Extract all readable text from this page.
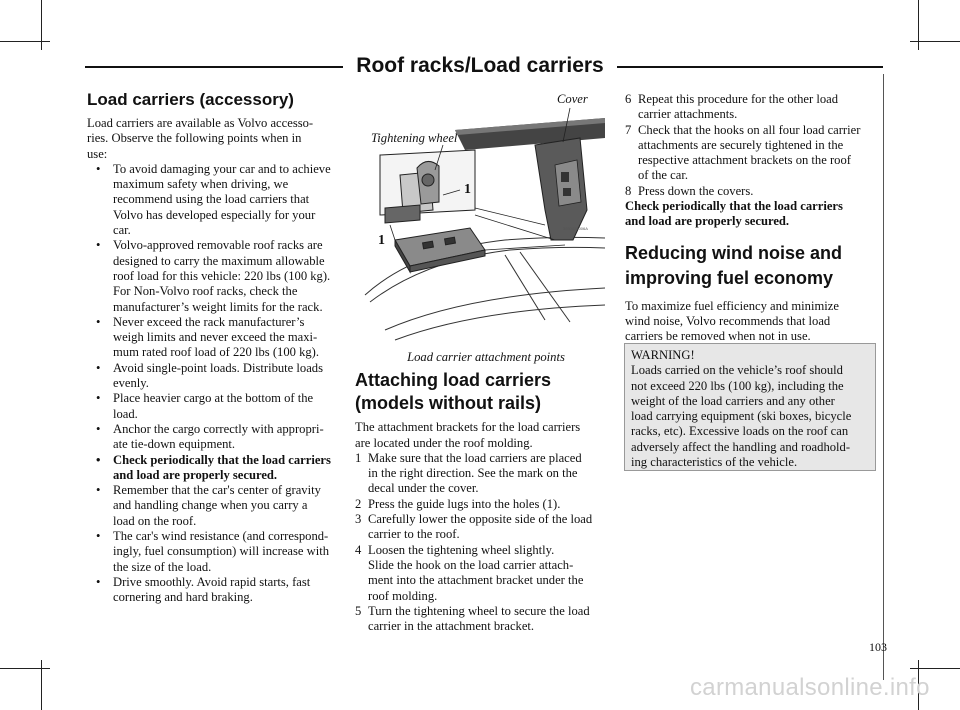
Roof racks/Load carriers
Load carriers (accessory)

Load carriers are available as Volvo accesso-
ries. Observe the following points when in
use:

• To avoid damaging your car and to achieve
maximum safety when driving, we
recommend using the load carriers that
Volvo has developed especially for your
car.
• Volvo-approved removable roof racks are
designed to carry the maximum allowable
roof load for this vehicle: 220 lbs (100 kg).
For Non-Volvo roof racks, check the
manufacturer’s weight limits for the rack.
• Never exceed the rack manufacturer’s
weigh limits and never exceed the maxi-
mum rated roof load of 220 lbs (100 kg).
• Avoid single-point loads. Distribute loads
evenly.
• Place heavier cargo at the bottom of the
load.
• Anchor the cargo correctly with appropri-
ate tie-down equipment.
• Check periodically that the load carriers
and load are properly secured.
• Remember that the car's center of gravity
and handling change when you carry a
load on the roof.
• The car's wind resistance (and correspond-
ingly, fuel consumption) will increase with
the size of the load.
• Drive smoothly. Avoid rapid starts, fast
cornering and hard braking.
3950020006A
Cover
Tightening wheel
1
1

Load carrier attachment points

Attaching load carriers
(models without rails)

The attachment brackets for the load carriers
are located under the roof molding.

1 Make sure that the load carriers are placed
in the right direction. See the mark on the
decal under the cover.
2 Press the guide lugs into the holes (1).
3 Carefully lower the opposite side of the load
carrier to the roof.
4 Loosen the tightening wheel slightly.
Slide the hook on the load carrier attach-
ment into the attachment bracket under the
roof molding.
5 Turn the tightening wheel to secure the load
carrier in the attachment bracket.
6 Repeat this procedure for the other load
carrier attachments.
7 Check that the hooks on all four load carrier
attachments are securely tightened in the
respective attachment brackets on the roof
of the car.
8 Press down the covers.

Check periodically that the load carriers
and load are properly secured.

Reducing wind noise and
improving fuel economy

To maximize fuel efficiency and minimize
wind noise, Volvo recommends that load
carriers be removed when not in use.

WARNING!
Loads carried on the vehicle’s roof should
not exceed 220 lbs (100 kg), including the
weight of the load carriers and any other
load carrying equipment (ski boxes, bicycle
racks, etc). Excessive loads on the roof can
adversely affect the handling and roadhold-
ing characteristics of the vehicle.
103
carmanualsonline.info
